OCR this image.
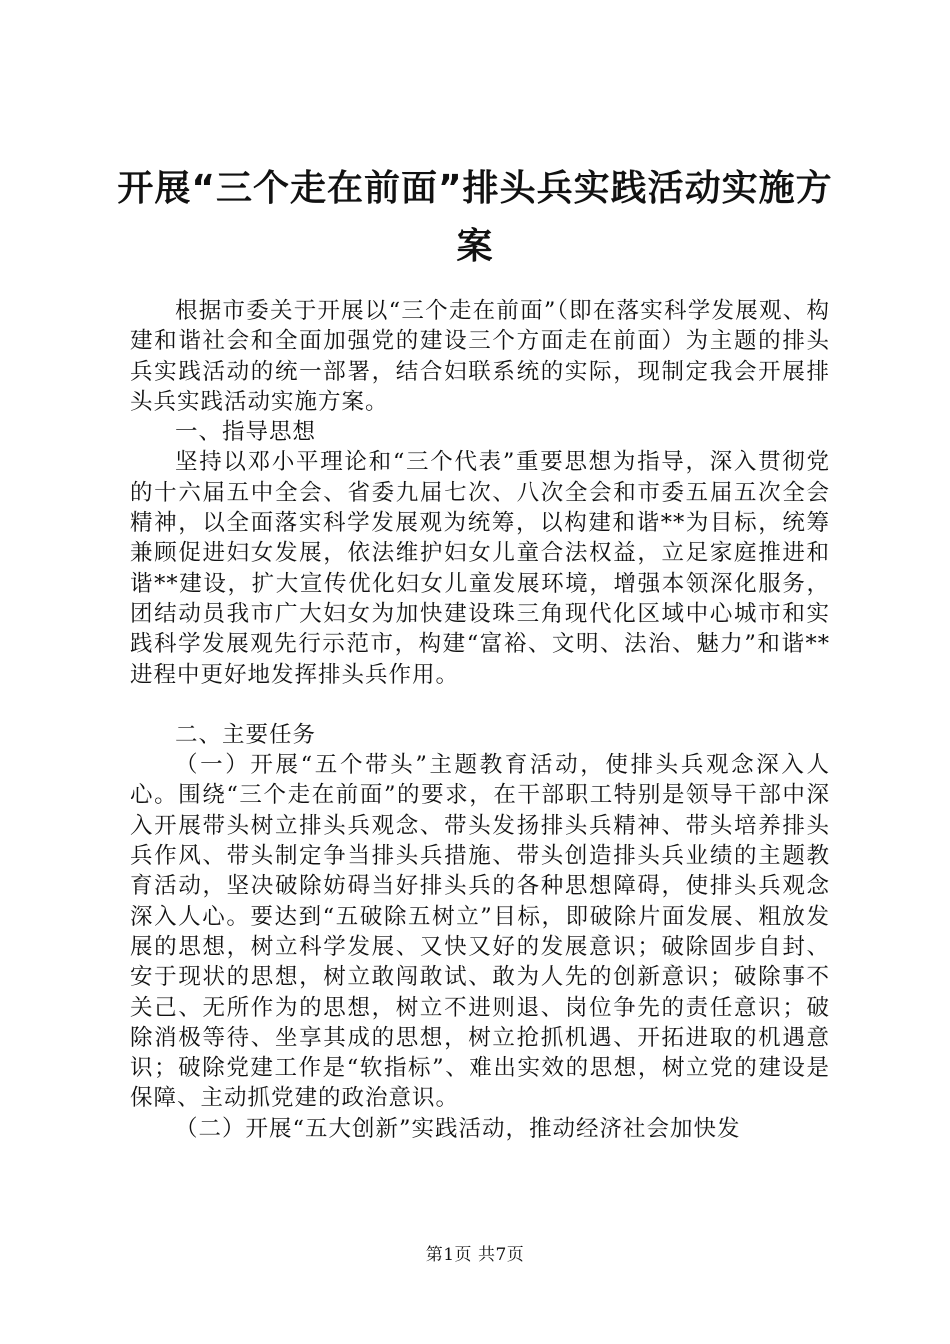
开展“三个走在前面”排头兵实践活动实施方
案

根据市委关于开展以“三个走在前面”（即在落实科学发展观、构建和谐社会和全面加强党的建设三个方面走在前面）为主题的排头兵实践活动的统一部署，结合妇联系统的实际，现制定我会开展排头兵实践活动实施方案。

一、指导思想

坚持以邓小平理论和“三个代表”重要思想为指导，深入贯彻党的十六届五中全会、省委九届七次、八次全会和市委五届五次全会精神，以全面落实科学发展观为统筹，以构建和谐**为目标，统筹兼顾促进妇女发展，依法维护妇女儿童合法权益，立足家庭推进和谐**建设，扩大宣传优化妇女儿童发展环境，增强本领深化服务，团结动员我市广大妇女为加快建设珠三角现代化区域中心城市和实践科学发展观先行示范市，构建“富裕、文明、法治、魅力”和谐**进程中更好地发挥排头兵作用。

二、主要任务

（一）开展“五个带头”主题教育活动，使排头兵观念深入人心。围绕“三个走在前面”的要求，在干部职工特别是领导干部中深入开展带头树立排头兵观念、带头发扬排头兵精神、带头培养排头兵作风、带头制定争当排头兵措施、带头创造排头兵业绩的主题教育活动，坚决破除妨碍当好排头兵的各种思想障碍，使排头兵观念深入人心。要达到“五破除五树立”目标，即破除片面发展、粗放发展的思想，树立科学发展、又快又好的发展意识；破除固步自封、安于现状的思想，树立敢闯敢试、敢为人先的创新意识；破除事不关己、无所作为的思想，树立不进则退、岗位争先的责任意识；破除消极等待、坐享其成的思想，树立抢抓机遇、开拓进取的机遇意识；破除党建工作是“软指标”、难出实效的思想，树立党的建设是保障、主动抓党建的政治意识。

（二）开展“五大创新”实践活动，推动经济社会加快发

第1页 共7页
